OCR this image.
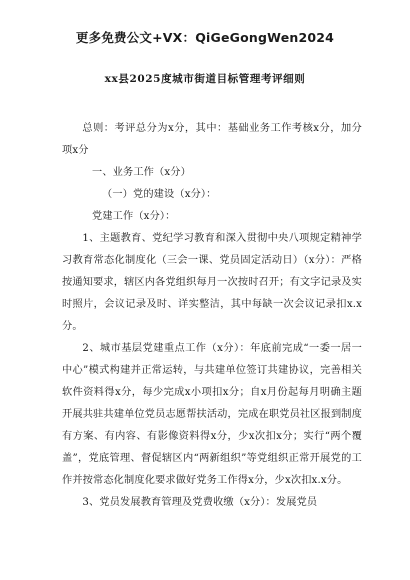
更多免费公文+VX：QiGeGongWen2024
xx县2025度城市街道目标管理考评细则

总则：考评总分为x分，其中：基础业务工作考核x分，加分项x分

一、业务工作（x分）

（一）党的建设（x分）：

党建工作（x分）：

1、主题教育、党纪学习教育和深入贯彻中央八项规定精神学习教育常态化制度化（三会一课、党员固定活动日）（x分）：严格按通知要求，辖区内各党组织每月一次按时召开；有文字记录及实时照片，会议记录及时、详实整洁，其中每缺一次会议记录扣x.x分。

2、城市基层党建重点工作（x分）：年底前完成“一委一居一中心”模式构建并正常运转，与共建单位签订共建协议，完善相关软件资料得x分，每少完成x小项扣x分；自x月份起每月明确主题开展共驻共建单位党员志愿帮扶活动，完成在职党员社区报到制度有方案、有内容、有影像资料得x分，少x次扣x分；实行“两个覆盖”，党底管理、督促辖区内“两新组织”等党组织正常开展党的工作并按常态化制度化要求做好党务工作得x分，少x次扣x.x分。

3、党员发展教育管理及党费收缴（x分）：发展党员
